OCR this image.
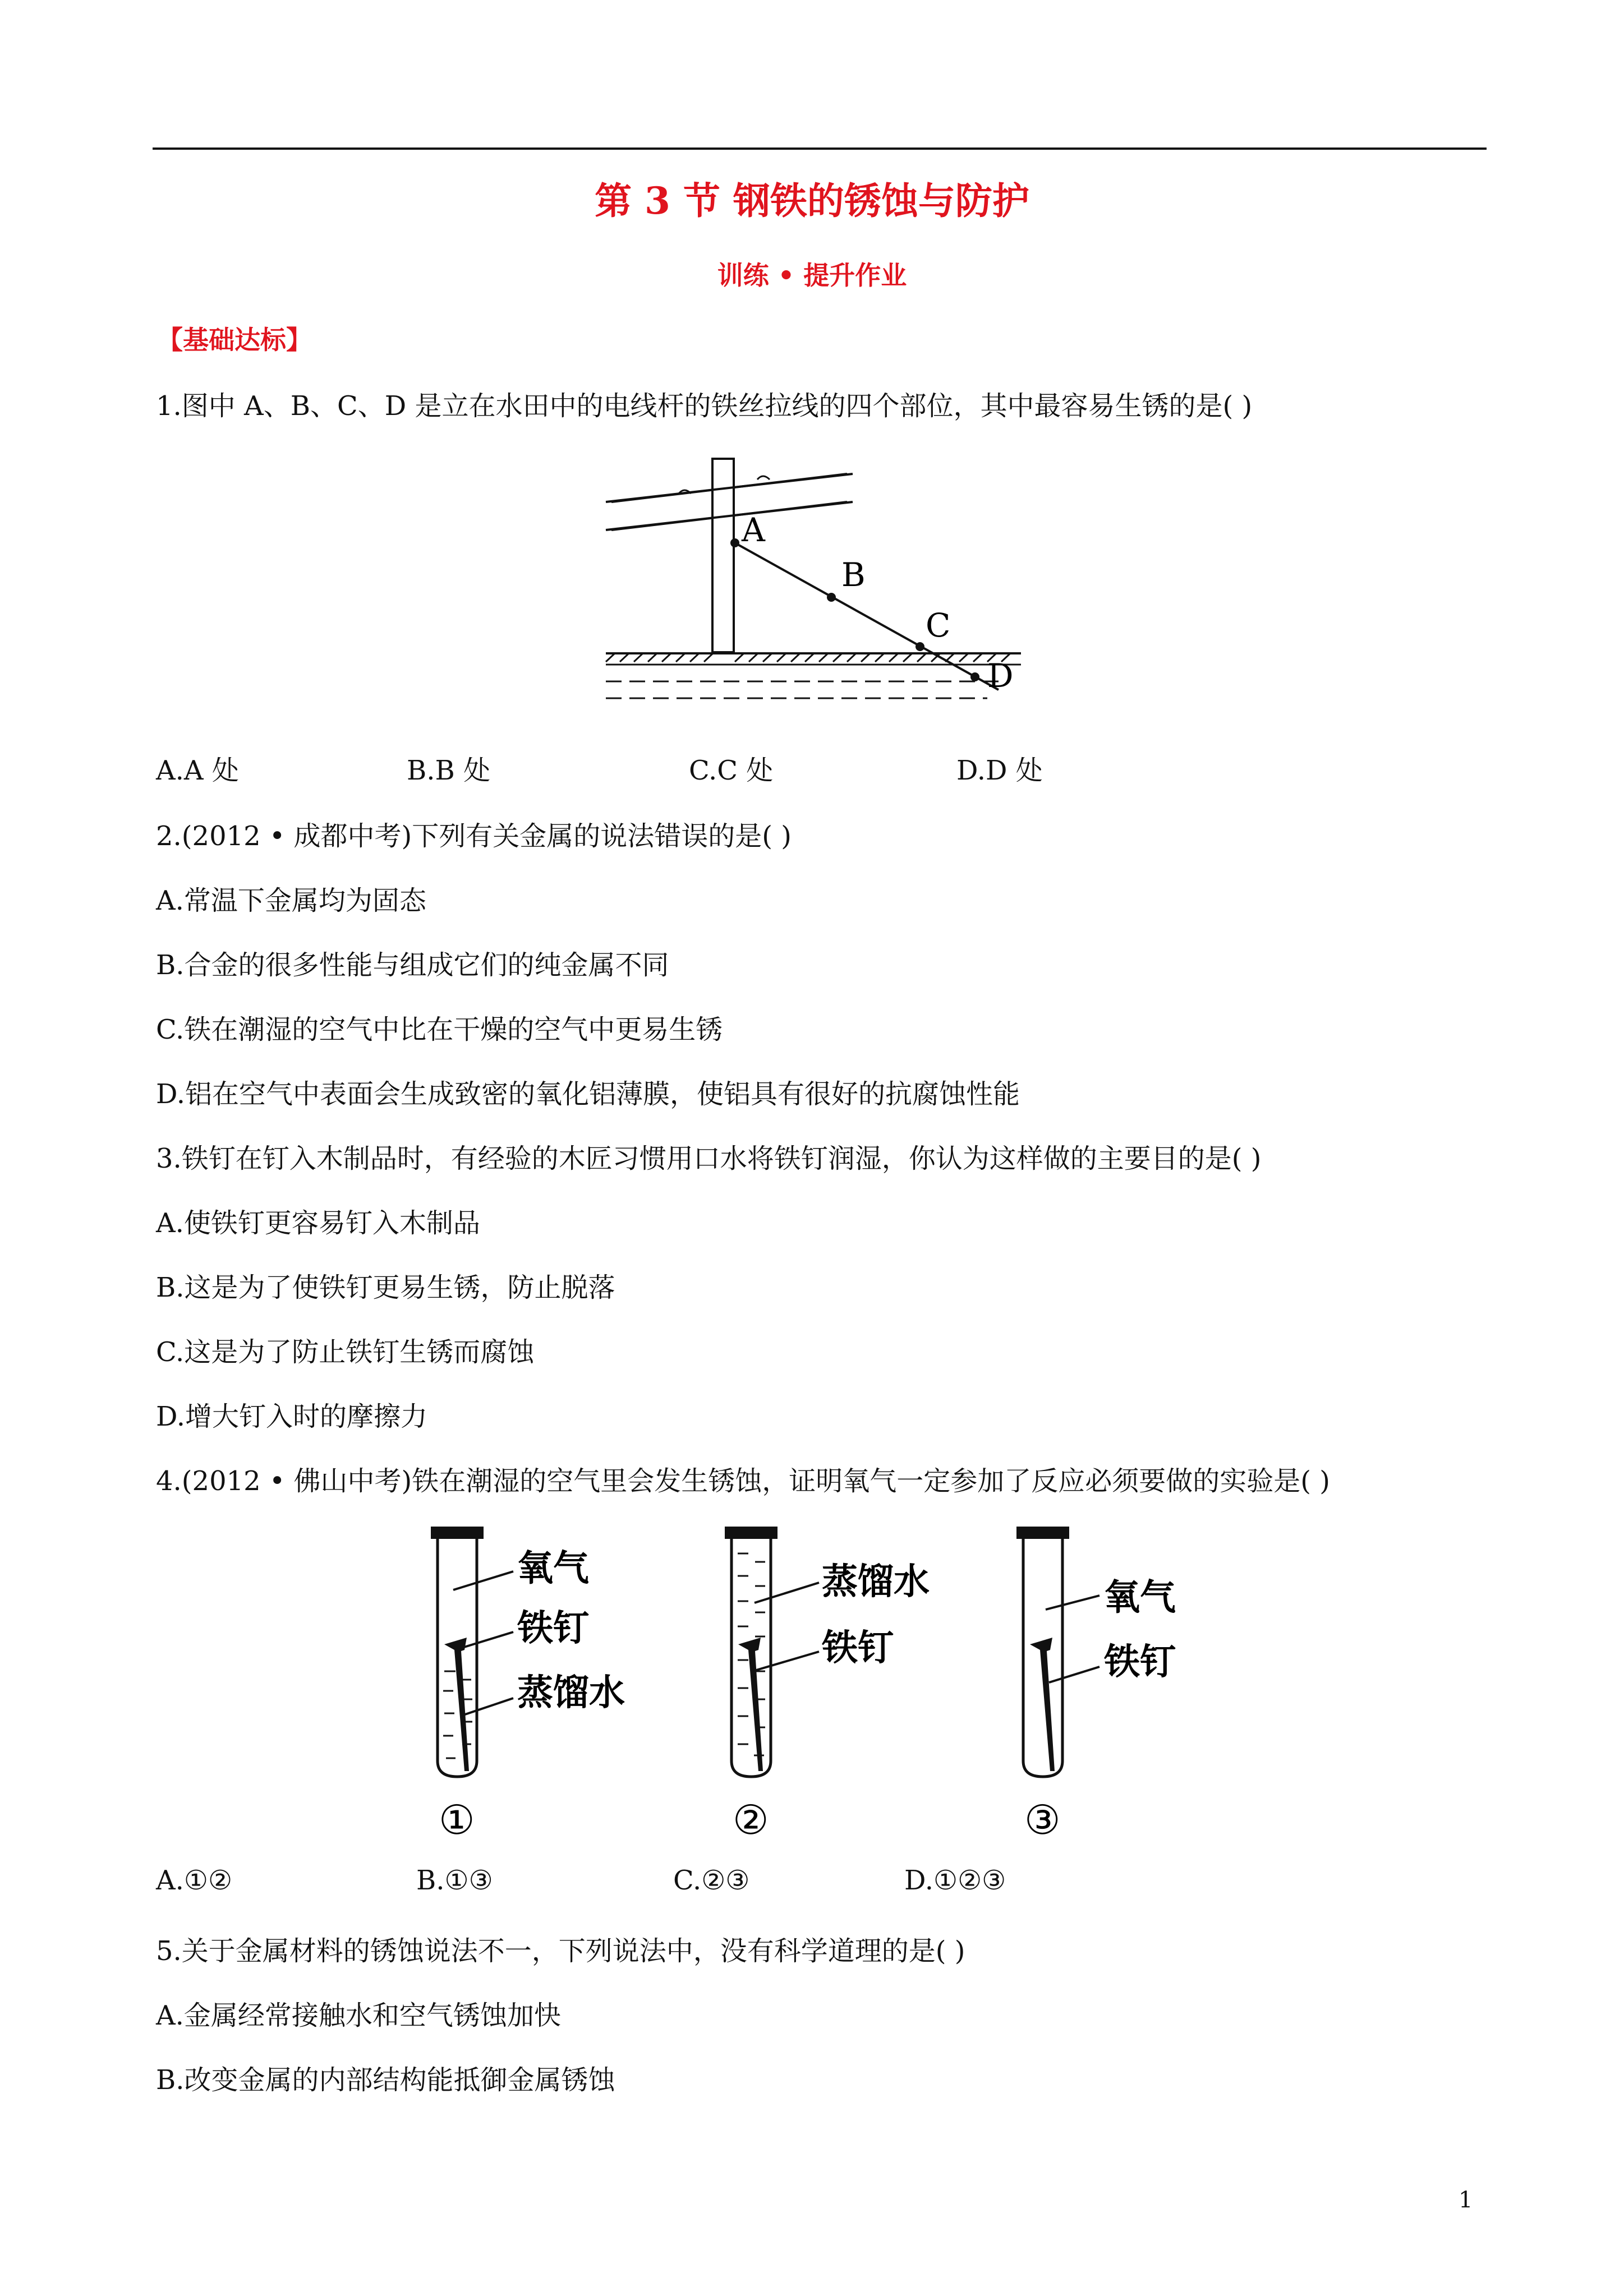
第 3 节 钢铁的锈蚀与防护
训练 • 提升作业
【基础达标】
1.图中 A、B、C、D 是立在水田中的电线杆的铁丝拉线的四个部位，其中最容易生锈的是( )
A
B
C
D
A.A 处	B.B 处	C.C 处	D.D 处
2.(2012 • 成都中考)下列有关金属的说法错误的是( )
A.常温下金属均为固态
B.合金的很多性能与组成它们的纯金属不同
C.铁在潮湿的空气中比在干燥的空气中更易生锈
D.铝在空气中表面会生成致密的氧化铝薄膜，使铝具有很好的抗腐蚀性能
3.铁钉在钉入木制品时，有经验的木匠习惯用口水将铁钉润湿，你认为这样做的主要目的是( )
A.使铁钉更容易钉入木制品
B.这是为了使铁钉更易生锈，防止脱落
C.这是为了防止铁钉生锈而腐蚀
D.增大钉入时的摩擦力
4.(2012 • 佛山中考)铁在潮湿的空气里会发生锈蚀，证明氧气一定参加了反应必须要做的实验是( )
氧气
铁钉
蒸馏水
①
蒸馏水
铁钉
②
氧气
铁钉
③
A.①②	B.①③	C.②③	D.①②③
5.关于金属材料的锈蚀说法不一，下列说法中，没有科学道理的是( )
A.金属经常接触水和空气锈蚀加快
B.改变金属的内部结构能抵御金属锈蚀
1
